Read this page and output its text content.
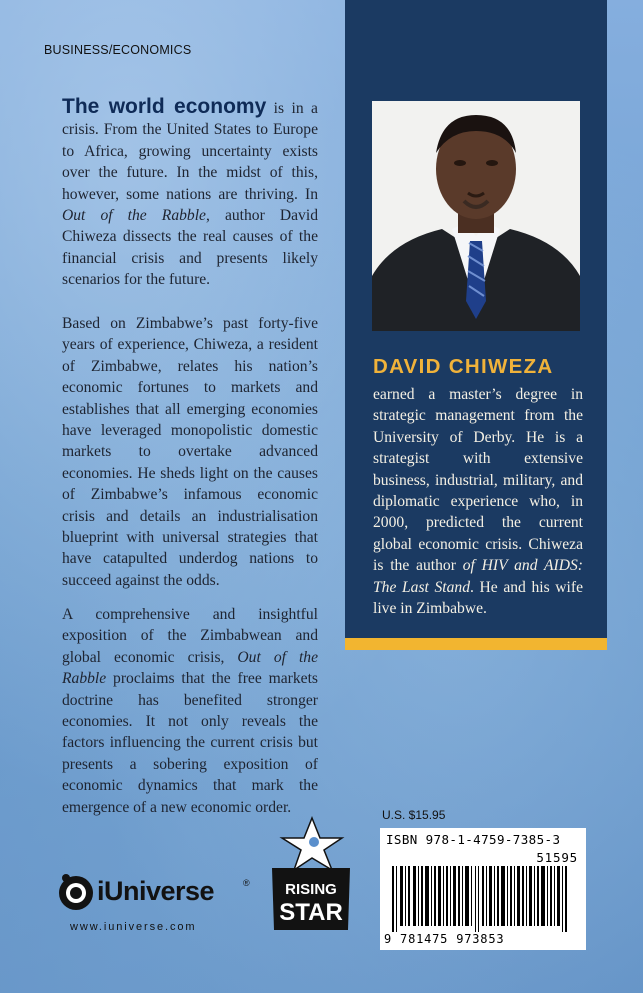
BUSINESS/ECONOMICS

The world economy is in a crisis. From the United States to Europe to Africa, growing uncertainty exists over the future. In the midst of this, however, some nations are thriving. In Out of the Rabble, author David Chiweza dissects the real causes of the financial crisis and presents likely scenarios for the future.

Based on Zimbabwe’s past forty-five years of experience, Chiweza, a resident of Zimbabwe, relates his nation’s economic fortunes to markets and establishes that all emerging economies have leveraged monopolistic domestic markets to overtake advanced economies. He sheds light on the causes of Zimbabwe’s infamous economic crisis and details an industrialisation blueprint with universal strategies that have catapulted underdog nations to succeed against the odds.

A comprehensive and insightful exposition of the Zimbabwean and global economic crisis, Out of the Rabble proclaims that the free markets doctrine has benefited stronger economies. It not only reveals the factors influencing the current crisis but presents a sobering exposition of economic dynamics that mark the emergence of a new economic order.

DAVID CHIWEZA

earned a master’s degree in strategic management from the University of Derby. He is a strategist with extensive business, industrial, military, and diplomatic experience who, in 2000, predicted the current global economic crisis. Chiweza is the author of HIV and AIDS: The Last Stand. He and his wife live in Zimbabwe.

U.S. $15.95
ISBN 978-1-4759-7385-3
51595
9 781475 973853
iUniverse	®
www.iuniverse.com
RISING
STAR
